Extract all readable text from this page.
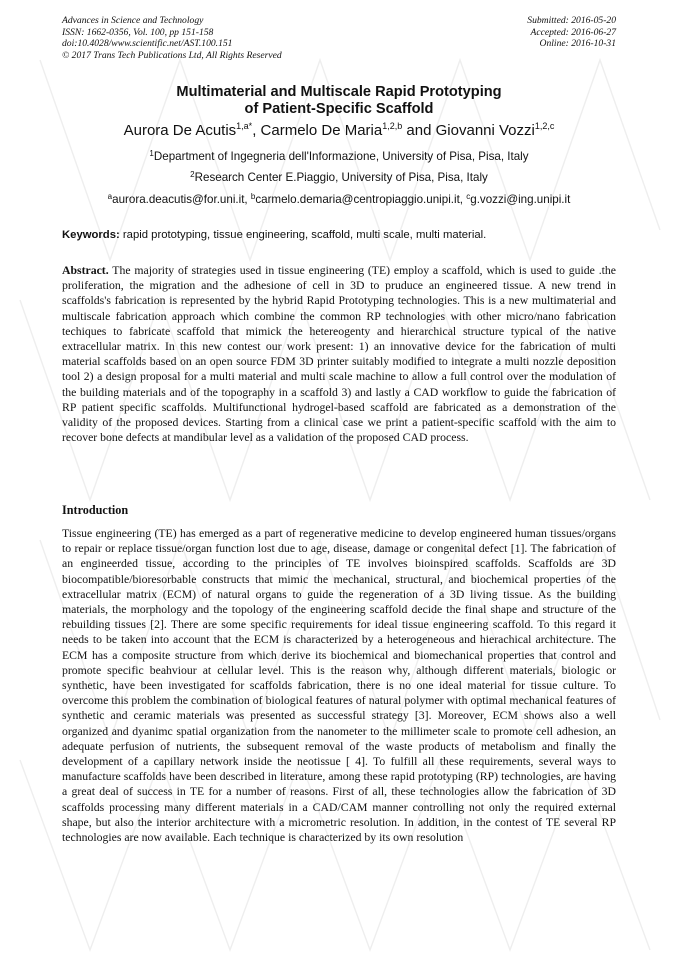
Advances in Science and Technology
ISSN: 1662-0356, Vol. 100, pp 151-158
doi:10.4028/www.scientific.net/AST.100.151
© 2017 Trans Tech Publications Ltd, All Rights Reserved
Submitted: 2016-05-20
Accepted: 2016-06-27
Online: 2016-10-31
Multimaterial and Multiscale Rapid Prototyping
of Patient-Specific Scaffold
Aurora De Acutis$^{1,a*}$, Carmelo De Maria$^{1,2,b}$ and Giovanni Vozzi$^{1,2,c}$
$^1$Department of Ingegneria dell'Informazione, University of Pisa, Pisa, Italy
$^2$Research Center E.Piaggio, University of Pisa, Pisa, Italy
$^a$aurora.deacutis@for.uni.it, $^b$carmelo.demaria@centropiaggio.unipi.it, $^c$g.vozzi@ing.unipi.it
Keywords: rapid prototyping, tissue engineering, scaffold, multi scale, multi material.

Abstract. The majority of strategies used in tissue engineering (TE) employ a scaffold, which is used to guide .the proliferation, the migration and the adhesione of cell in 3D to pruduce an engineered tissue. A new trend in scaffolds's fabrication is represented by the hybrid Rapid Prototyping technologies. This is a new multimaterial and multiscale fabrication approach which combine the common RP technologies with other micro/nano fabrication techiques to fabricate scaffold that mimick the hetereogenty and hierarchical structure typical of the native extracellular matrix. In this new contest our work present: 1) an innovative device for the fabrication of multi material scaffolds based on an open source FDM 3D printer suitably modified to integrate a multi nozzle deposition tool 2) a design proposal for a multi material and multi scale machine to allow a full control over the modulation of the building materials and of the topography in a scaffold 3) and lastly a CAD workflow to guide the fabrication of RP patient specific scaffolds. Multifunctional hydrogel-based scaffold are fabricated as a demonstration of the validity of the proposed devices. Starting from a clinical case we print a patient-specific scaffold with the aim to recover bone defects at mandibular level as a validation of the proposed CAD process.

Introduction

Tissue engineering (TE) has emerged as a part of regenerative medicine to develop engineered human tissues/organs to repair or replace tissue/organ function lost due to age, disease, damage or congenital defect [1]. The fabrication of an engineerded tissue, according to the principles of TE involves bioinspired scaffolds. Scaffolds are 3D biocompatible/bioresorbable constructs that mimic the mechanical, structural, and biochemical properties of the extracellular matrix (ECM) of natural organs to guide the regeneration of a 3D living tissue. As the building materials, the morphology and the topology of the engineering scaffold decide the final shape and structure of the rebuilding tissues [2]. There are some specific requirements for ideal tissue engineering scaffold. To this regard it needs to be taken into account that the ECM is characterized by a heterogeneous and hierachical architecture. The ECM has a composite structure from which derive its biochemical and biomechanical properties that control and promote specific beahviour at cellular level. This is the reason why, although different materials, biologic or synthetic, have been investigated for scaffolds fabrication, there is no one ideal material for tissue culture. To overcome this problem the combination of biological features of natural polymer with optimal mechanical features of synthetic and ceramic materials was presented as successful strategy [3]. Moreover, ECM shows also a well organized and dyanimc spatial organization from the nanometer to the millimeter scale to promote cell adhesion, an adequate perfusion of nutrients, the subsequent removal of the waste products of metabolism and finally the development of a capillary network inside the neotissue [ 4]. To fulfill all these requirements, several ways to manufacture scaffolds have been described in literature, among these rapid prototyping (RP) technologies, are having a great deal of success in TE for a number of reasons. First of all, these technologies allow the fabrication of 3D scaffolds processing many different materials in a CAD/CAM manner controlling not only the required external shape, but also the interior architecture with a micrometric resolution. In addition, in the contest of TE several RP technologies are now available. Each technique is characterized by its own resolution
